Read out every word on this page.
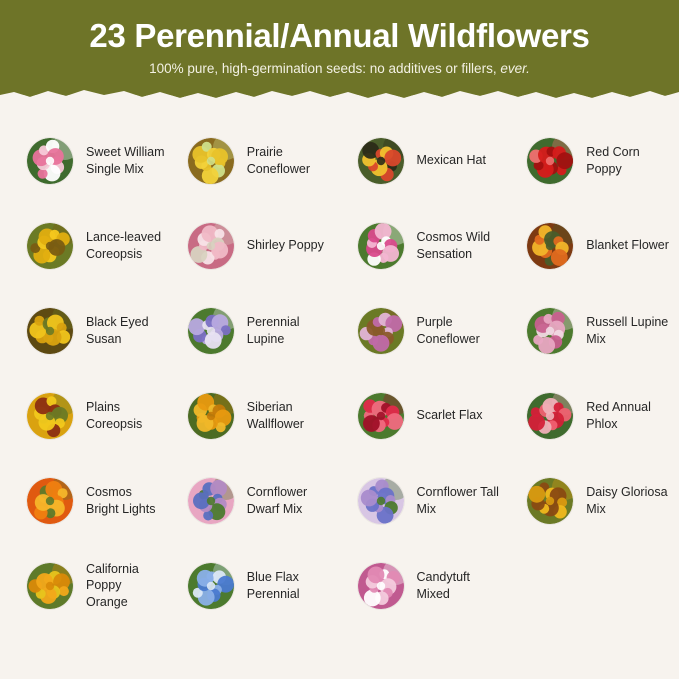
23 Perennial/Annual Wildflowers
100% pure, high-germination seeds: no additives or fillers, ever.
Sweet William Single Mix
Prairie Coneflower
Mexican Hat
Red Corn Poppy
Lance-leaved Coreopsis
Shirley Poppy
Cosmos Wild Sensation
Blanket Flower
Black Eyed Susan
Perennial Lupine
Purple Coneflower
Russell Lupine Mix
Plains Coreopsis
Siberian Wallflower
Scarlet Flax
Red Annual Phlox
Cosmos Bright Lights
Cornflower Dwarf Mix
Cornflower Tall Mix
Daisy Gloriosa Mix
California Poppy Orange
Blue Flax Perennial
Candytuft Mixed
